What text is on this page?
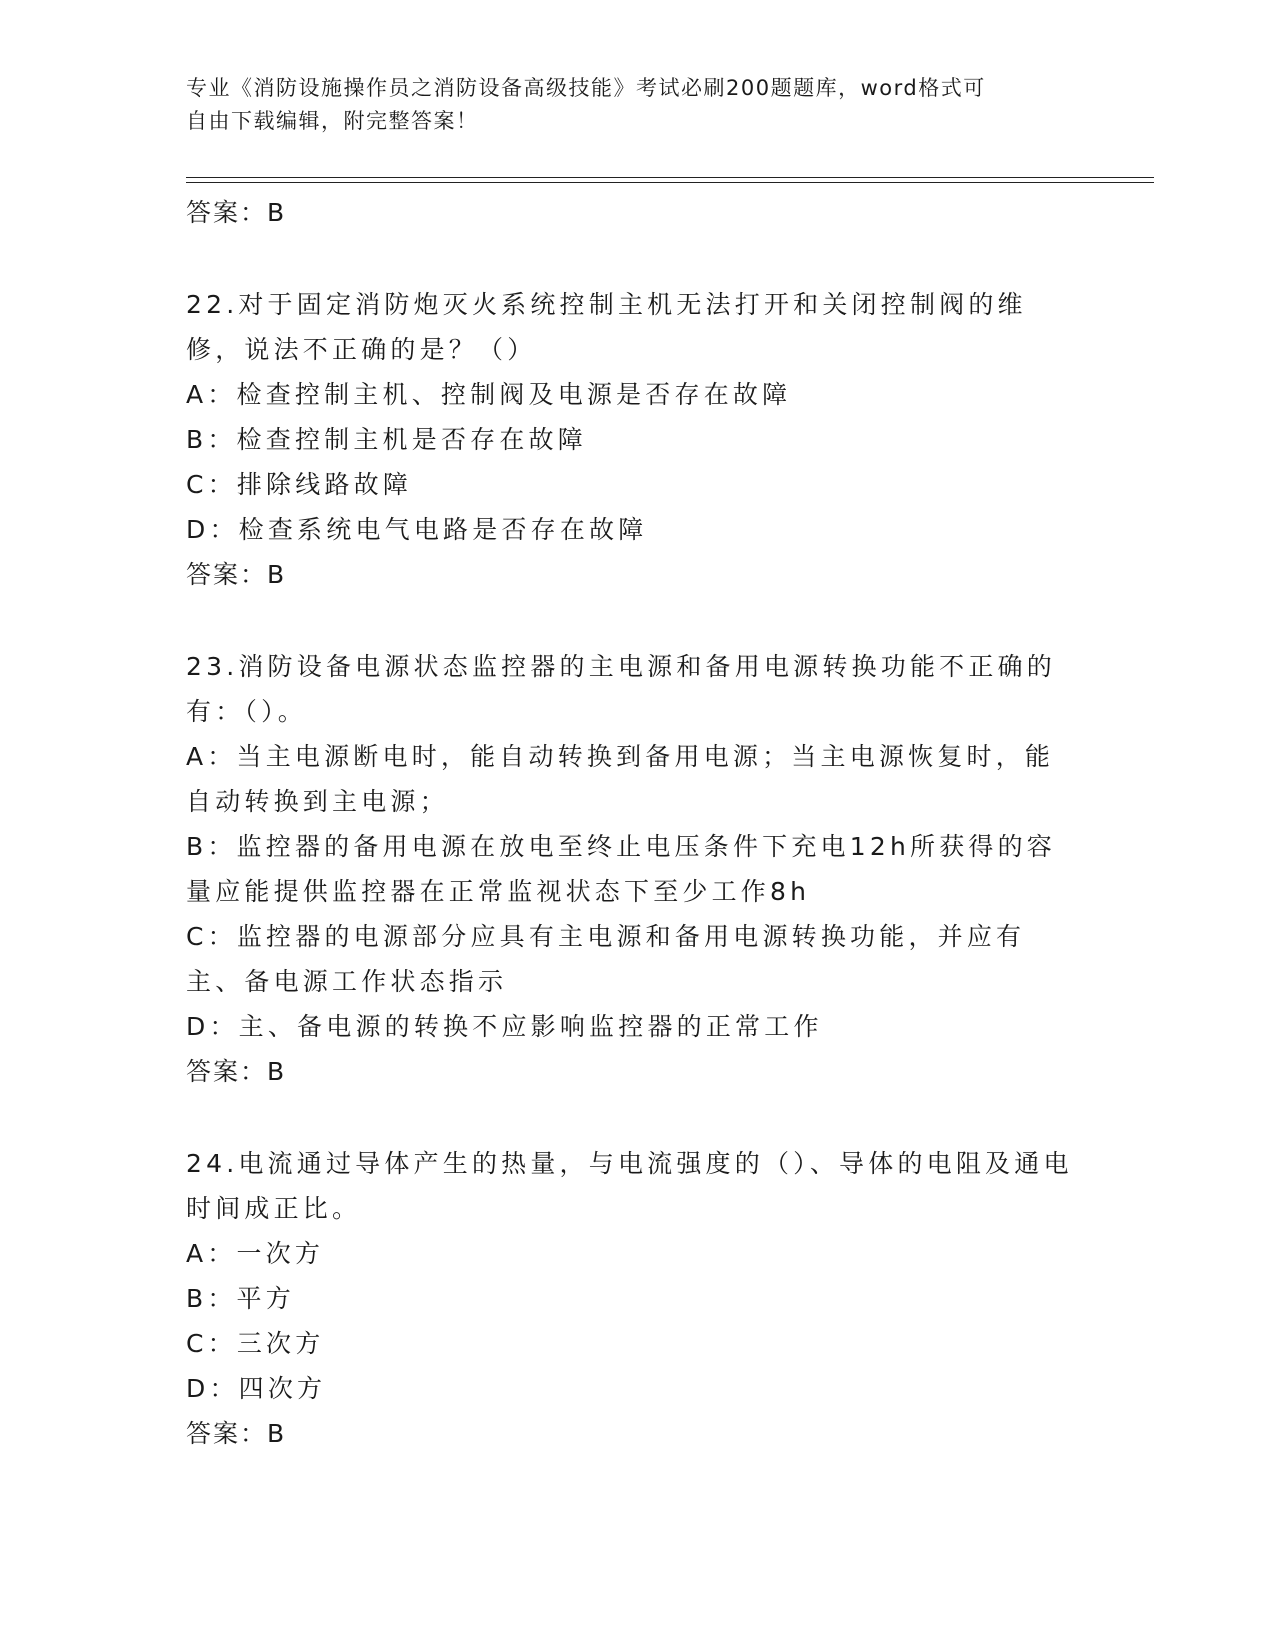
专业《消防设施操作员之消防设备高级技能》考试必刷200题题库，word格式可
自由下载编辑，附完整答案！
答案：B
22.对于固定消防炮灭火系统控制主机无法打开和关闭控制阀的维修，说法不正确的是？（）
A：检查控制主机、控制阀及电源是否存在故障
B：检查控制主机是否存在故障
C：排除线路故障
D：检查系统电气电路是否存在故障
答案：B
23.消防设备电源状态监控器的主电源和备用电源转换功能不正确的有：（）。
A：当主电源断电时，能自动转换到备用电源；当主电源恢复时，能自动转换到主电源；
B：监控器的备用电源在放电至终止电压条件下充电12h所获得的容量应能提供监控器在正常监视状态下至少工作8h
C：监控器的电源部分应具有主电源和备用电源转换功能，并应有主、备电源工作状态指示
D：主、备电源的转换不应影响监控器的正常工作
答案：B
24.电流通过导体产生的热量，与电流强度的（）、导体的电阻及通电时间成正比。
A：一次方
B：平方
C：三次方
D：四次方
答案：B
